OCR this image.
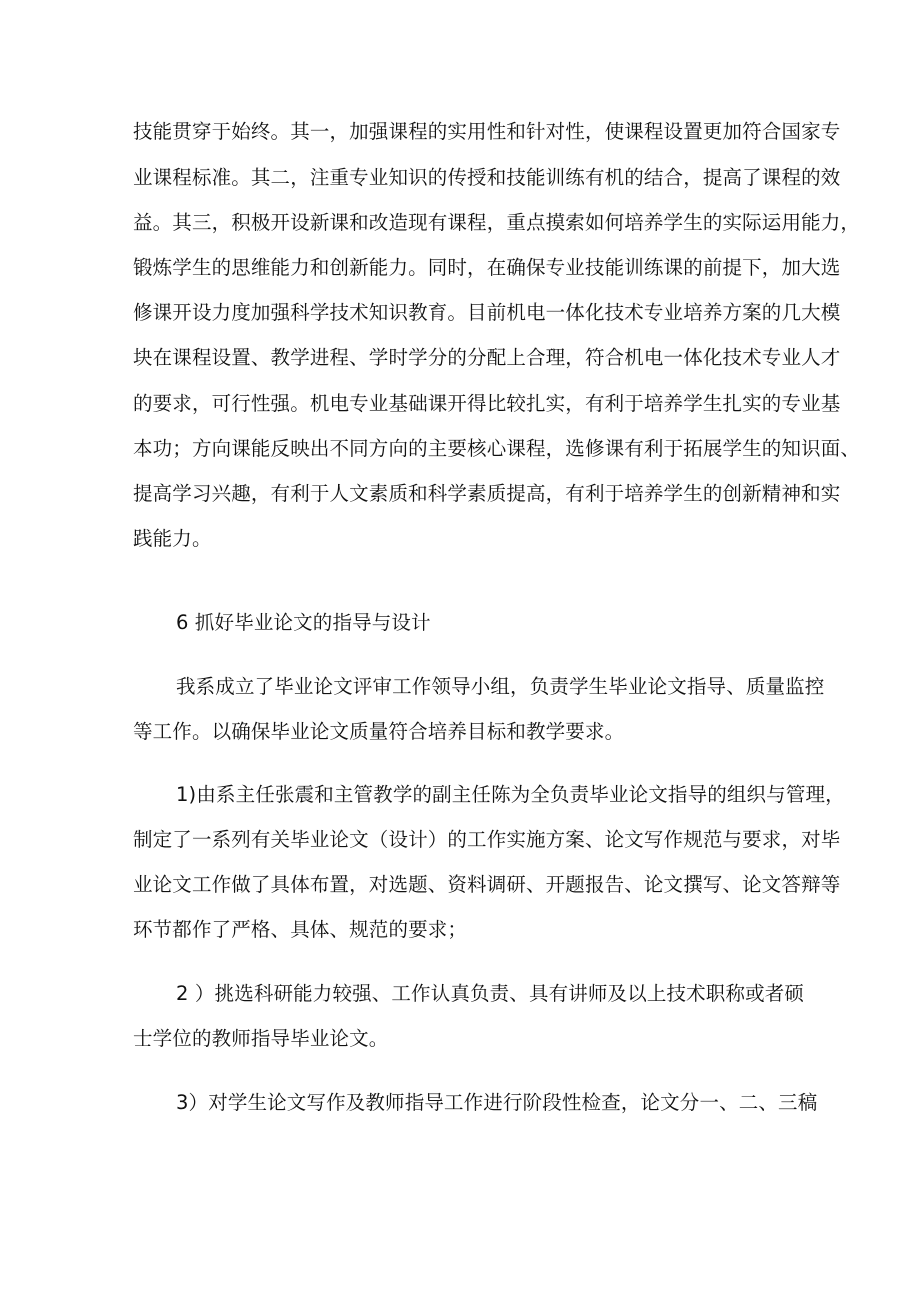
技能贯穿于始终。其一，加强课程的实用性和针对性，使课程设置更加符合国家专
业课程标准。其二，注重专业知识的传授和技能训练有机的结合，提高了课程的效
益。其三，积极开设新课和改造现有课程，重点摸索如何培养学生的实际运用能力，
锻炼学生的思维能力和创新能力。同时，在确保专业技能训练课的前提下，加大选
修课开设力度加强科学技术知识教育。目前机电一体化技术专业培养方案的几大模
块在课程设置、教学进程、学时学分的分配上合理，符合机电一体化技术专业人才
的要求，可行性强。机电专业基础课开得比较扎实，有利于培养学生扎实的专业基
本功；方向课能反映出不同方向的主要核心课程，选修课有利于拓展学生的知识面、
提高学习兴趣，有利于人文素质和科学素质提高，有利于培养学生的创新精神和实
践能力。
6 抓好毕业论文的指导与设计
我系成立了毕业论文评审工作领导小组，负责学生毕业论文指导、质量监控
等工作。以确保毕业论文质量符合培养目标和教学要求。
1)由系主任张震和主管教学的副主任陈为全负责毕业论文指导的组织与管理，
制定了一系列有关毕业论文（设计）的工作实施方案、论文写作规范与要求，对毕
业论文工作做了具体布置，对选题、资料调研、开题报告、论文撰写、论文答辩等
环节都作了严格、具体、规范的要求；
2 ）挑选科研能力较强、工作认真负责、具有讲师及以上技术职称或者硕
士学位的教师指导毕业论文。
3）对学生论文写作及教师指导工作进行阶段性检查，论文分一、二、三稿
